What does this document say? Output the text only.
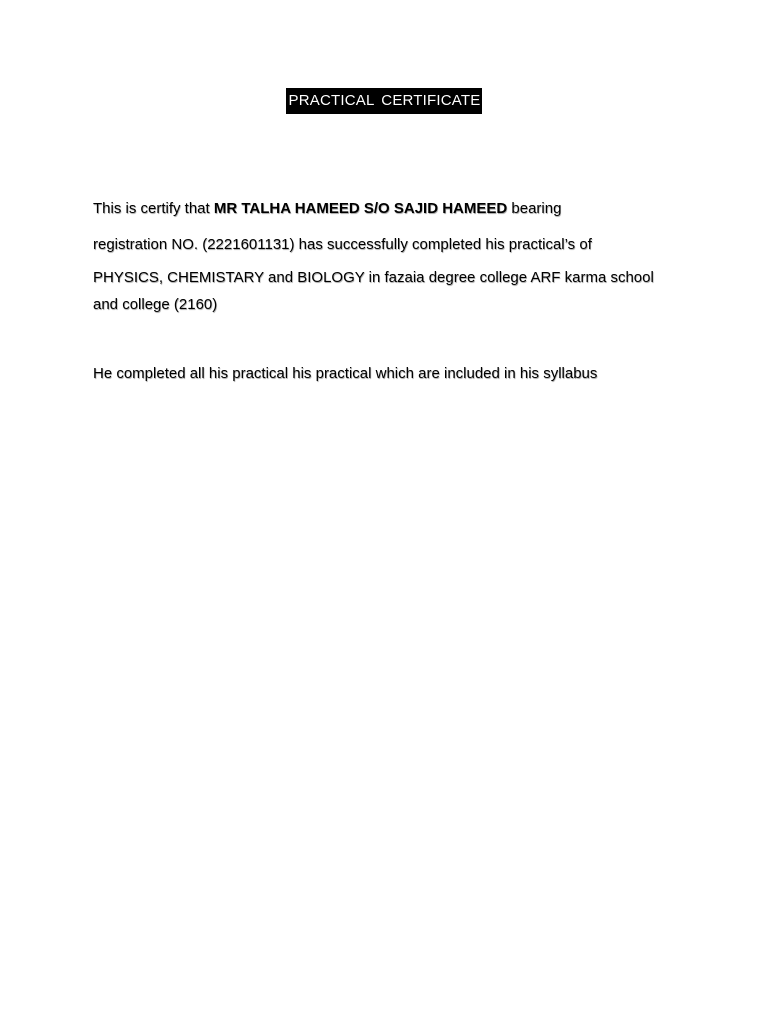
PRACTICAL CERTIFICATE
This is certify that MR TALHA HAMEED S/O SAJID HAMEED bearing
registration NO. (2221601131) has successfully completed his practical’s of
PHYSICS, CHEMISTARY and BIOLOGY in fazaia degree college ARF karma school
and college (2160)
He completed all his practical his practical which are included in his syllabus
